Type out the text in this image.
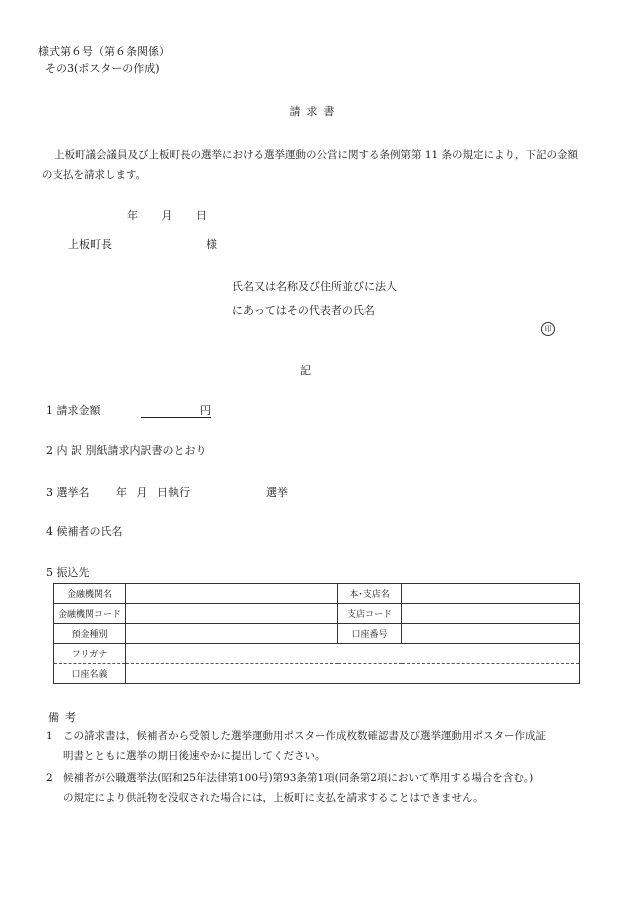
様式第６号（第６条関係）
その3(ポスターの作成)
請求書
上板町議会議員及び上板町長の選挙における選挙運動の公営に関する条例第第 11 条の規定により，下記の金額の支払を請求します。
年 月 日
上板町長	様
氏名又は名称及び住所並びに法人
にあってはその代表者の氏名
印
記
1 請求金額	円
2 内 訳 別紙請求内訳書のとおり
3 選挙名 年 月 日執行	選挙
4 候補者の氏名
5 振込先
金融機関名		本･支店名	
金融機関コード		支店コード	
預金種別		口座番号	
フリガナ			
口座名義			
備考
1 この請求書は，候補者から受領した選挙運動用ポスター作成枚数確認書及び選挙運動用ポスター作成証
明書とともに選挙の期日後速やかに提出してください。
2 候補者が公職選挙法(昭和25年法律第100号)第93条第1項(同条第2項において準用する場合を含む。)
の規定により供託物を没収された場合には，上板町に支払を請求することはできません。
